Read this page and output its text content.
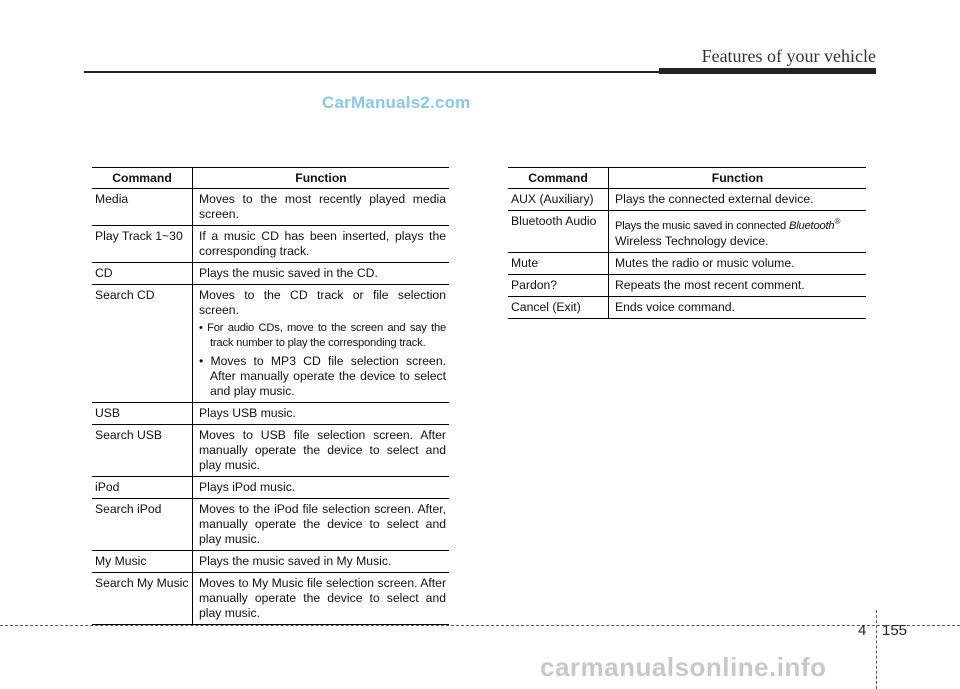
Features of your vehicle
CarManuals2.com
Command	Function
Media	Moves to the most recently played media screen.
Play Track 1~30	If a music CD has been inserted, plays the corresponding track.
CD	Plays the music saved in the CD.
Search CD	Moves to the CD track or file selection screen.
• For audio CDs, move to the screen and say the track number to play the corresponding track.
• Moves to MP3 CD file selection screen. After manually operate the device to select and play music.

USB	Plays USB music.
Search USB	Moves to USB file selection screen. After manually operate the device to select and play music.
iPod	Plays iPod music.
Search iPod	Moves to the iPod file selection screen. After, manually operate the device to select and play music.
My Music	Plays the music saved in My Music.
Search My Music	Moves to My Music file selection screen. After manually operate the device to select and play music.
Command	Function
AUX (Auxiliary)	Plays the connected external device.
Bluetooth Audio	Plays the music saved in connected Bluetooth®
Wireless Technology device.

Mute	Mutes the radio or music volume.
Pardon?	Repeats the most recent comment.
Cancel (Exit)	Ends voice command.
4 155
carmanualsonline.info
